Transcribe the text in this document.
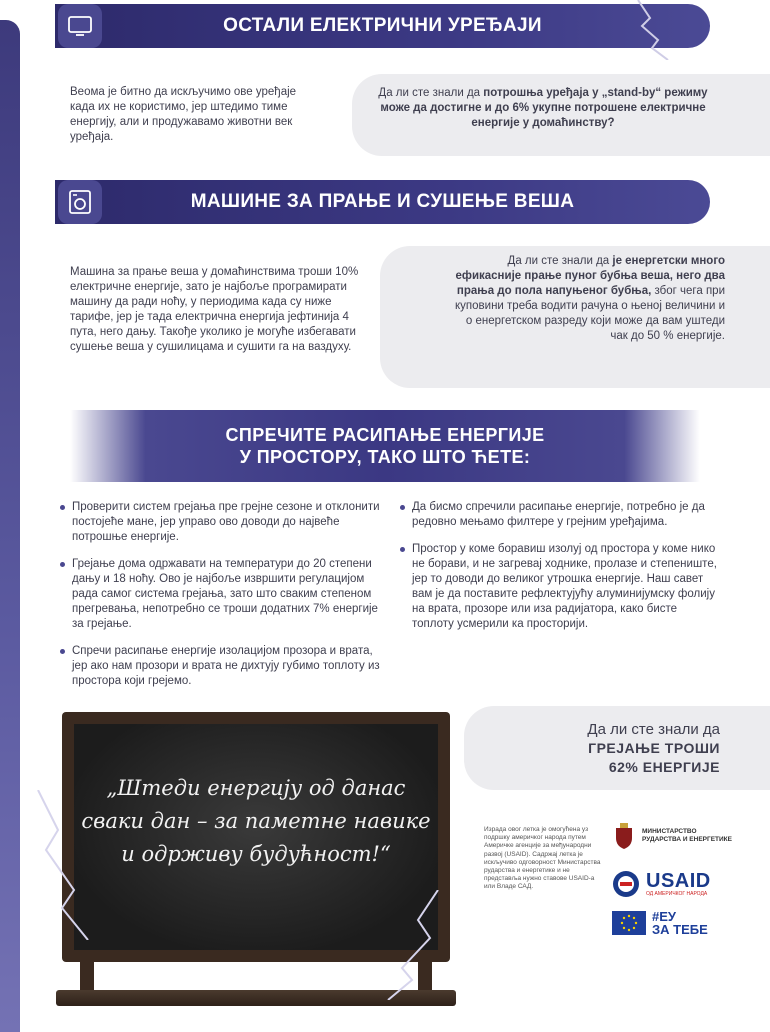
ОСТАЛИ ЕЛЕКТРИЧНИ УРЕЂАЈИ
Веома је битно да искључимо ове уређаје када их не користимо, јер штедимо тиме енергију, али и продужавамо животни век уређаја.
Да ли сте знали да потрошња уређаја у „stand-by“ режиму може да достигне и до 6% укупне потрошене електричне енергије у домаћинству?
МАШИНЕ ЗА ПРАЊЕ И СУШЕЊЕ ВЕША
Машина за прање веша у домаћинствима троши 10% електричне енергије, зато је најбоље програмирати машину да ради ноћу, у периодима када су ниже тарифе, јер је тада електрична енергија јефтинија 4 пута, него дању. Такође уколико је могуће избегавати сушење веша у сушилицама и сушити га на ваздуху.
Да ли сте знали да је енергетски много ефикасније прање пуног бубња веша, него два прања до пола напуњеног бубња, због чега при куповини треба водити рачуна о њеној величини и о енергетском разреду који може да вам уштеди чак до 50 % енергије.
СПРЕЧИТЕ РАСИПАЊЕ ЕНЕРГИЈЕ
У ПРОСТОРУ, ТАКО ШТО ЋЕТЕ:
Проверити систем грејања пре грејне сезоне и отклонити постојеће мане, јер управо ово доводи до највеће потрошње енергије.
Грејање дома одржавати на температури до 20 степени дању и 18 ноћу. Ово је најбоље извршити регулацијом рада самог система грејања, зато што сваким степеном прегревања, непотребно се троши додатних 7% енергије за грејање.
Спречи расипање енергије изолацијом прозора и врата, јер ако нам прозори и врата не дихтују губимо топлоту из простора који грејемо.
Да бисмо спречили расипање енергије, потребно је да редовно мењамо филтере у грејним уређајима.
Простор у коме боравиш изолуј од простора у коме нико не борави, и не загревај ходнике, пролазе и степениште, јер то доводи до великог утрошка енергије. Наш савет вам је да поставите рефлектујућу алуминијумску фолију на врата, прозоре или иза радијатора, како бисте топлоту усмерили ка просторији.
Да ли сте знали да
ГРЕЈАЊЕ ТРОШИ
62% ЕНЕРГИЈЕ
„Штеди енергију од данас сваки дан – за паметне навике и одрживу будућност!“
Израда овог летка је омогућена уз подршку америчког народа путем Америчке агенције за међународни развој (USAID). Садржај летка је искључиво одговорност Министарства рударства и енергетике и не представља нужно ставове USAID-а или Владе САД.
МИНИСТАРСТВО РУДАРСТВА И ЕНЕРГЕТИКЕ
USAID
ОД АМЕРИЧКОГ НАРОДА
#ЕУ
ЗА ТЕБЕ
